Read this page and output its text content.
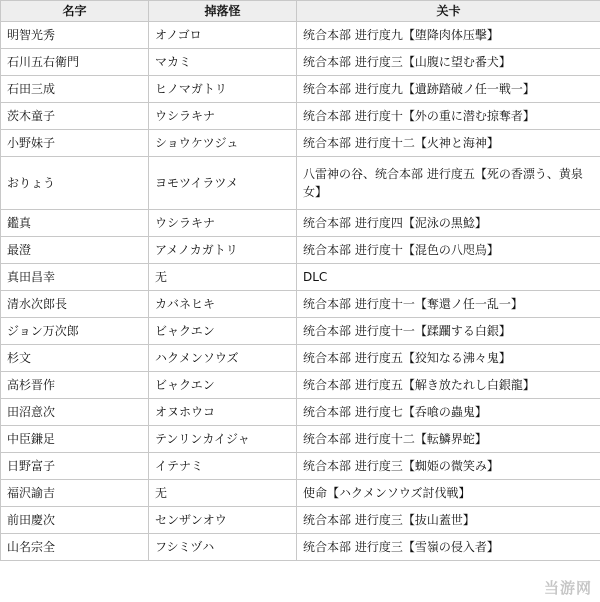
名字	掉落怪	关卡
明智光秀	オノゴロ	统合本部 进行度九【堕降肉体压擊】
石川五右衛門	マカミ	统合本部 进行度三【山腹に望む番犬】
石田三成	ヒノマガトリ	统合本部 进行度九【遺跡踏破ノ任一戦一】
茨木童子	ウシラキナ	统合本部 进行度十【外の重に潜む掠奪者】
小野妹子	ショウケツジュ	统合本部 进行度十二【火神と海神】
おりょう	ヨモツイラツメ	八雷神の谷、统合本部 进行度五【死の香漂う、黄泉女】
鑑真	ウシラキナ	统合本部 进行度四【泥泳の黒鯰】
最澄	アメノカガトリ	统合本部 进行度十【混色の八咫烏】
真田昌幸	无	DLC
清水次郎長	カバネヒキ	统合本部 进行度十一【奪還ノ任一乱一】
ジョン万次郎	ビャクエン	统合本部 进行度十一【蹂躙する白銀】
杉文	ハクメンソウズ	统合本部 进行度五【狡知なる沸々鬼】
高杉晋作	ビャクエン	统合本部 进行度五【解き放たれし白銀龍】
田沼意次	オヌホウコ	统合本部 进行度七【呑喰の蟲鬼】
中臣鎌足	テンリンカイジャ	统合本部 进行度十二【転鱗界蛇】
日野富子	イテナミ	统合本部 进行度三【蜘姫の微笑み】
福沢諭吉	无	使命【ハクメンソウズ討伐戦】
前田慶次	センザンオウ	统合本部 进行度三【抜山蓋世】
山名宗全	フシミヅハ	统合本部 进行度三【雪嶺の侵入者】
当游网
